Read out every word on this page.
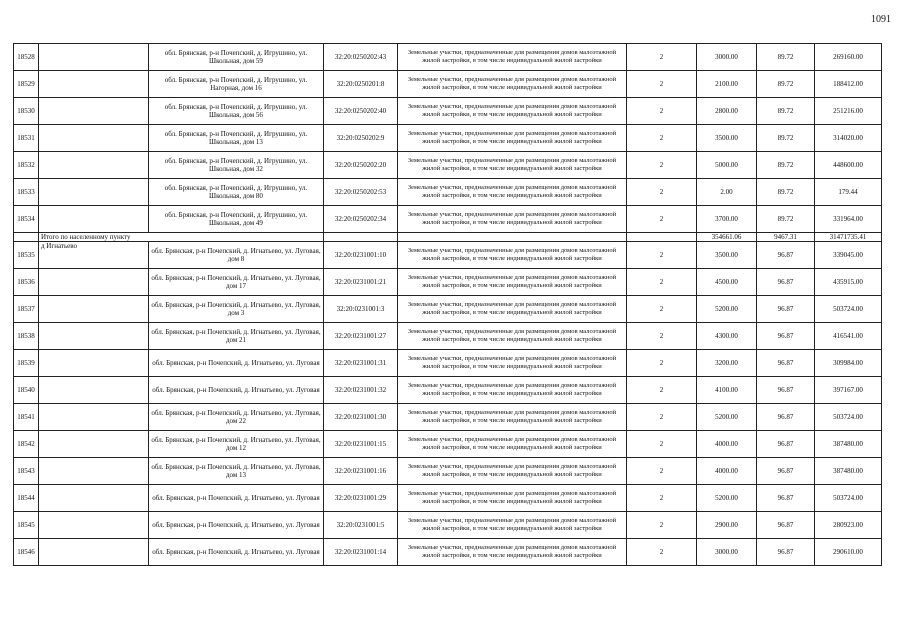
1091
18528		обл. Брянская, р-н Почепский, д. Игрушино, ул. Школьная, дом 59	32:20:0250202:43	Земельные участки, предназначенные для размещения домов малоэтажной жилой застройки, в том числе индивидуальной жилой застройки	2	3000.00	89.72	269160.00
18529		обл. Брянская, р-н Почепский, д. Игрушино, ул. Нагорная, дом 16	32:20:0250201:8	Земельные участки, предназначенные для размещения домов малоэтажной жилой застройки, в том числе индивидуальной жилой застройки	2	2100.00	89.72	188412.00
18530		обл. Брянская, р-н Почепский, д. Игрушино, ул. Школьная, дом 56	32:20:0250202:40	Земельные участки, предназначенные для размещения домов малоэтажной жилой застройки, в том числе индивидуальной жилой застройки	2	2800.00	89.72	251216.00
18531		обл. Брянская, р-н Почепский, д. Игрушино, ул. Школьная, дом 13	32:20:0250202:9	Земельные участки, предназначенные для размещения домов малоэтажной жилой застройки, в том числе индивидуальной жилой застройки	2	3500.00	89.72	314020.00
18532		обл. Брянская, р-н Почепский, д. Игрушино, ул. Школьная, дом 32	32:20:0250202:20	Земельные участки, предназначенные для размещения домов малоэтажной жилой застройки, в том числе индивидуальной жилой застройки	2	5000.00	89.72	448600.00
18533		обл. Брянская, р-н Почепский, д. Игрушино, ул. Школьная, дом 80	32:20:0250202:53	Земельные участки, предназначенные для размещения домов малоэтажной жилой застройки, в том числе индивидуальной жилой застройки	2	2.00	89.72	179.44
18534		обл. Брянская, р-н Почепский, д. Игрушино, ул. Школьная, дом 49	32:20:0250202:34	Земельные участки, предназначенные для размещения домов малоэтажной жилой застройки, в том числе индивидуальной жилой застройки	2	3700.00	89.72	331964.00
	Итого по населенному пункту					354661.06	9467.31	31471735.41
18535	д Игнатьево	обл. Брянская, р-н Почепский, д. Игнатьево, ул. Луговая, дом 8	32:20:0231001:10	Земельные участки, предназначенные для размещения домов малоэтажной жилой застройки, в том числе индивидуальной жилой застройки	2	3500.00	96.87	339045.00
18536		обл. Брянская, р-н Почепский, д. Игнатьево, ул. Луговая, дом 17	32:20:0231001:21	Земельные участки, предназначенные для размещения домов малоэтажной жилой застройки, в том числе индивидуальной жилой застройки	2	4500.00	96.87	435915.00
18537		обл. Брянская, р-н Почепский, д. Игнатьево, ул. Луговая, дом 3	32:20:0231001:3	Земельные участки, предназначенные для размещения домов малоэтажной жилой застройки, в том числе индивидуальной жилой застройки	2	5200.00	96.87	503724.00
18538		обл. Брянская, р-н Почепский, д. Игнатьево, ул. Луговая, дом 21	32:20:0231001:27	Земельные участки, предназначенные для размещения домов малоэтажной жилой застройки, в том числе индивидуальной жилой застройки	2	4300.00	96.87	416541.00
18539		обл. Брянская, р-н Почепский, д. Игнатьево, ул. Луговая	32:20:0231001:31	Земельные участки, предназначенные для размещения домов малоэтажной жилой застройки, в том числе индивидуальной жилой застройки	2	3200.00	96.87	309984.00
18540		обл. Брянская, р-н Почепский, д. Игнатьево, ул. Луговая	32:20:0231001:32	Земельные участки, предназначенные для размещения домов малоэтажной жилой застройки, в том числе индивидуальной жилой застройки	2	4100.00	96.87	397167.00
18541		обл. Брянская, р-н Почепский, д. Игнатьево, ул. Луговая, дом 22	32:20:0231001:30	Земельные участки, предназначенные для размещения домов малоэтажной жилой застройки, в том числе индивидуальной жилой застройки	2	5200.00	96.87	503724.00
18542		обл. Брянская, р-н Почепский, д. Игнатьево, ул. Луговая, дом 12	32:20:0231001:15	Земельные участки, предназначенные для размещения домов малоэтажной жилой застройки, в том числе индивидуальной жилой застройки	2	4000.00	96.87	387480.00
18543		обл. Брянская, р-н Почепский, д. Игнатьево, ул. Луговая, дом 13	32:20:0231001:16	Земельные участки, предназначенные для размещения домов малоэтажной жилой застройки, в том числе индивидуальной жилой застройки	2	4000.00	96.87	387480.00
18544		обл. Брянская, р-н Почепский, д. Игнатьево, ул. Луговая	32:20:0231001:29	Земельные участки, предназначенные для размещения домов малоэтажной жилой застройки, в том числе индивидуальной жилой застройки	2	5200.00	96.87	503724.00
18545		обл. Брянская, р-н Почепский, д. Игнатьево, ул. Луговая	32:20:0231001:5	Земельные участки, предназначенные для размещения домов малоэтажной жилой застройки, в том числе индивидуальной жилой застройки	2	2900.00	96.87	280923.00
18546		обл. Брянская, р-н Почепский, д. Игнатьево, ул. Луговая	32:20:0231001:14	Земельные участки, предназначенные для размещения домов малоэтажной жилой застройки, в том числе индивидуальной жилой застройки	2	3000.00	96.87	290610.00
